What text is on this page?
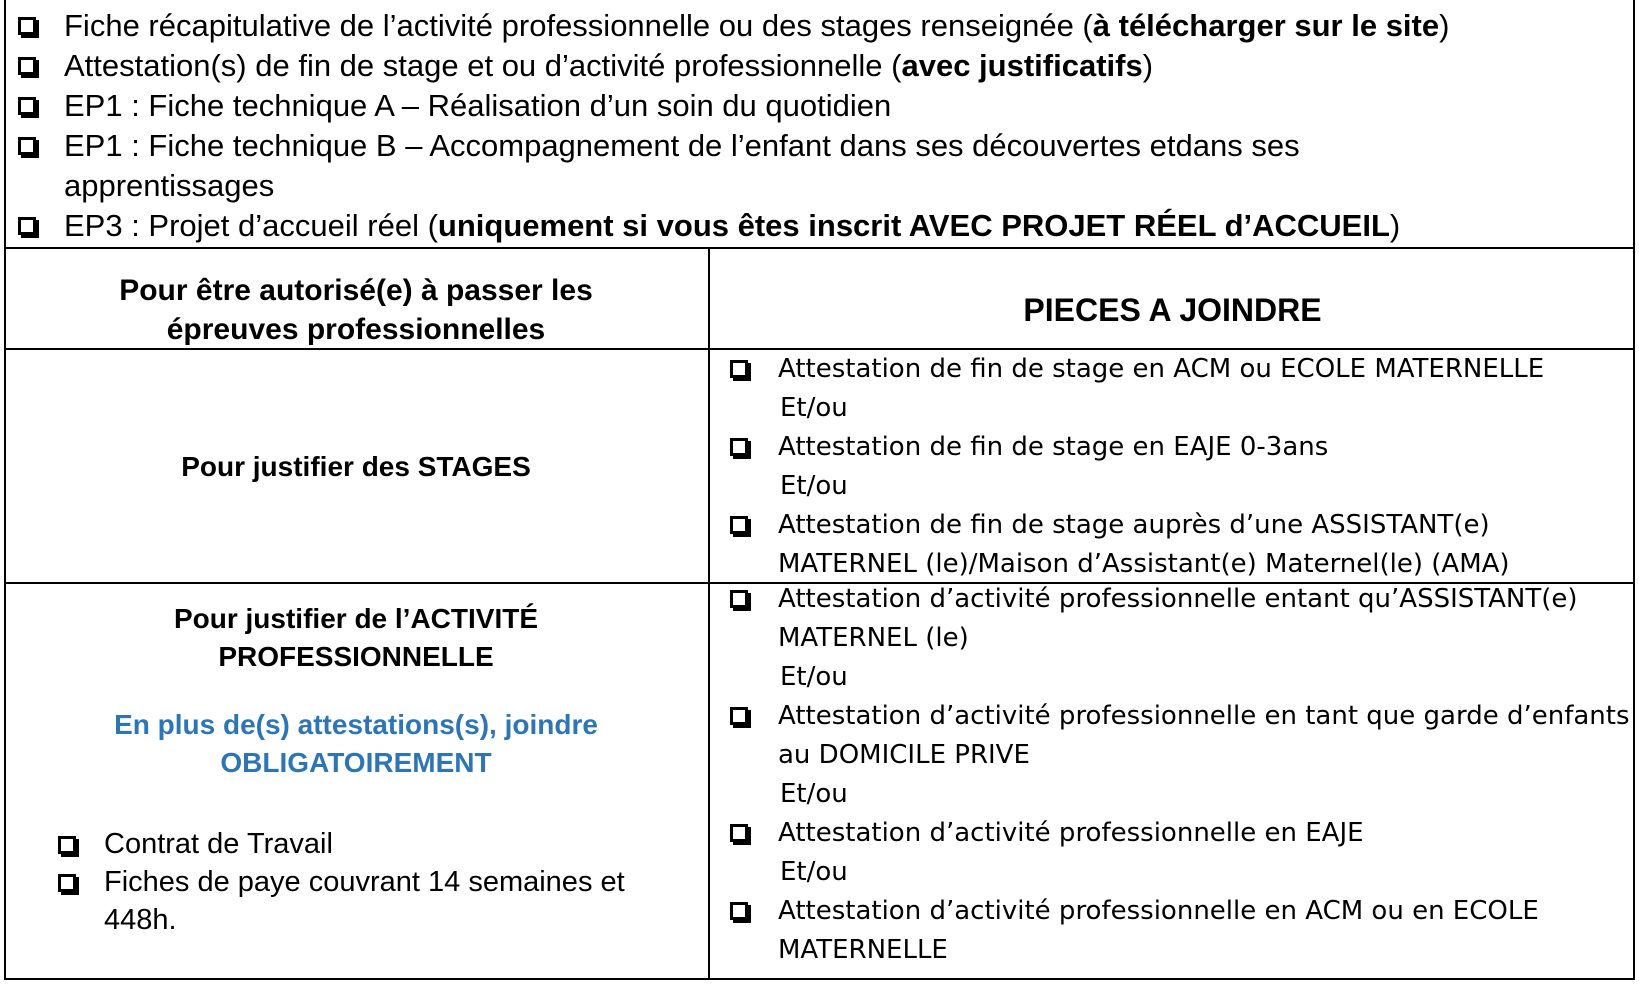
Fiche récapitulative de l’activité professionnelle ou des stages renseignée (à télécharger sur le site)
Attestation(s) de fin de stage et ou d’activité professionnelle (avec justificatifs)
EP1 : Fiche technique A – Réalisation d’un soin du quotidien
EP1 : Fiche technique B – Accompagnement de l’enfant dans ses découvertes etdans ses apprentissages
EP3 : Projet d’accueil réel (uniquement si vous êtes inscrit AVEC PROJET RÉEL d’ACCUEIL)
Pour être autorisé(e) à passer les épreuves professionnelles
PIECES A JOINDRE
Pour justifier des STAGES
Attestation de fin de stage en ACM ou ECOLE MATERNELLE
Et/ou
Attestation de fin de stage en EAJE 0-3ans
Et/ou
Attestation de fin de stage auprès d’une ASSISTANT(e) MATERNEL (le)/Maison d’Assistant(e) Maternel(le) (AMA)
Pour justifier de l’ACTIVITÉ PROFESSIONNELLE
En plus de(s) attestations(s), joindre OBLIGATOIREMENT
Contrat de Travail
Fiches de paye couvrant 14 semaines et 448h.
Attestation d’activité professionnelle entant qu’ASSISTANT(e) MATERNEL (le)
Et/ou
Attestation d’activité professionnelle en tant que garde d’enfants au DOMICILE PRIVE
Et/ou
Attestation d’activité professionnelle en EAJE
Et/ou
Attestation d’activité professionnelle en ACM ou en ECOLE MATERNELLE
